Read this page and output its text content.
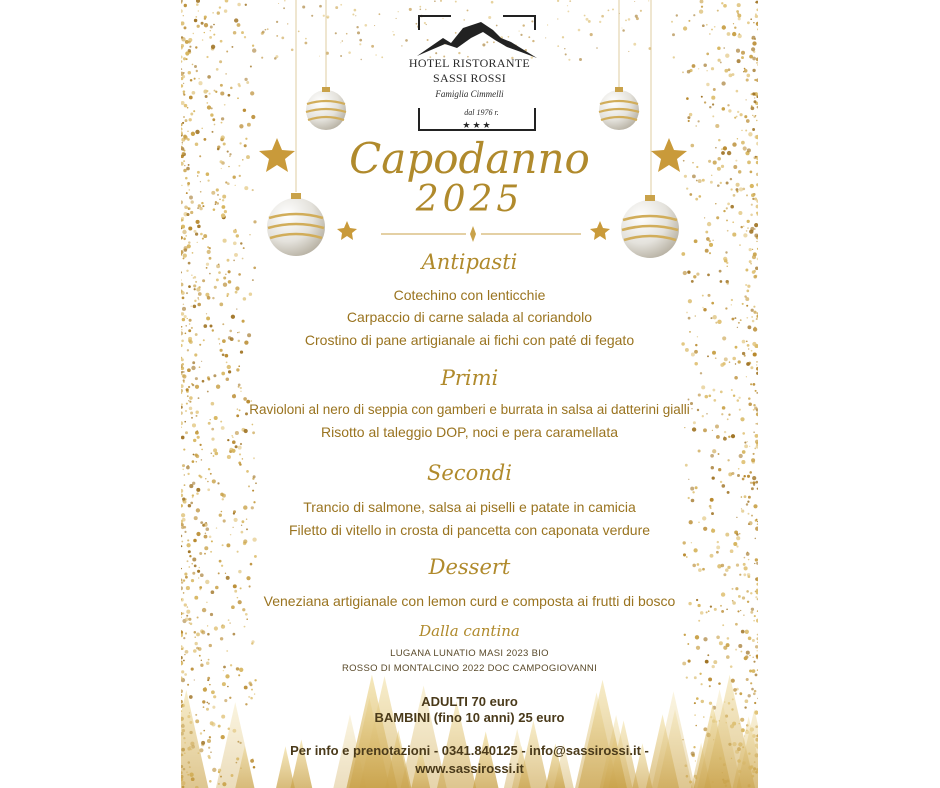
HOTEL RISTORANTE
SASSI ROSSI
Famiglia Cimmelli
dal 1976 r.
★★★
Capodanno
2025
Antipasti
Cotechino con lenticchie
Carpaccio di carne salada al coriandolo
Crostino di pane artigianale ai fichi con paté di fegato
Primi
Ravioloni al nero di seppia con gamberi e burrata in salsa ai datterini gialli
Risotto al taleggio DOP, noci e pera caramellata
Secondi
Trancio di salmone, salsa ai piselli e patate in camicia
Filetto di vitello in crosta di pancetta con caponata verdure
Dessert
Veneziana artigianale con lemon curd e composta ai frutti di bosco
Dalla cantina
LUGANA LUNATIO MASI 2023 BIO
ROSSO DI MONTALCINO 2022 DOC CAMPOGIOVANNI
ADULTI 70 euro
BAMBINI (fino 10 anni) 25 euro
Per info e prenotazioni - 0341.840125 - info@sassirossi.it -
www.sassirossi.it
